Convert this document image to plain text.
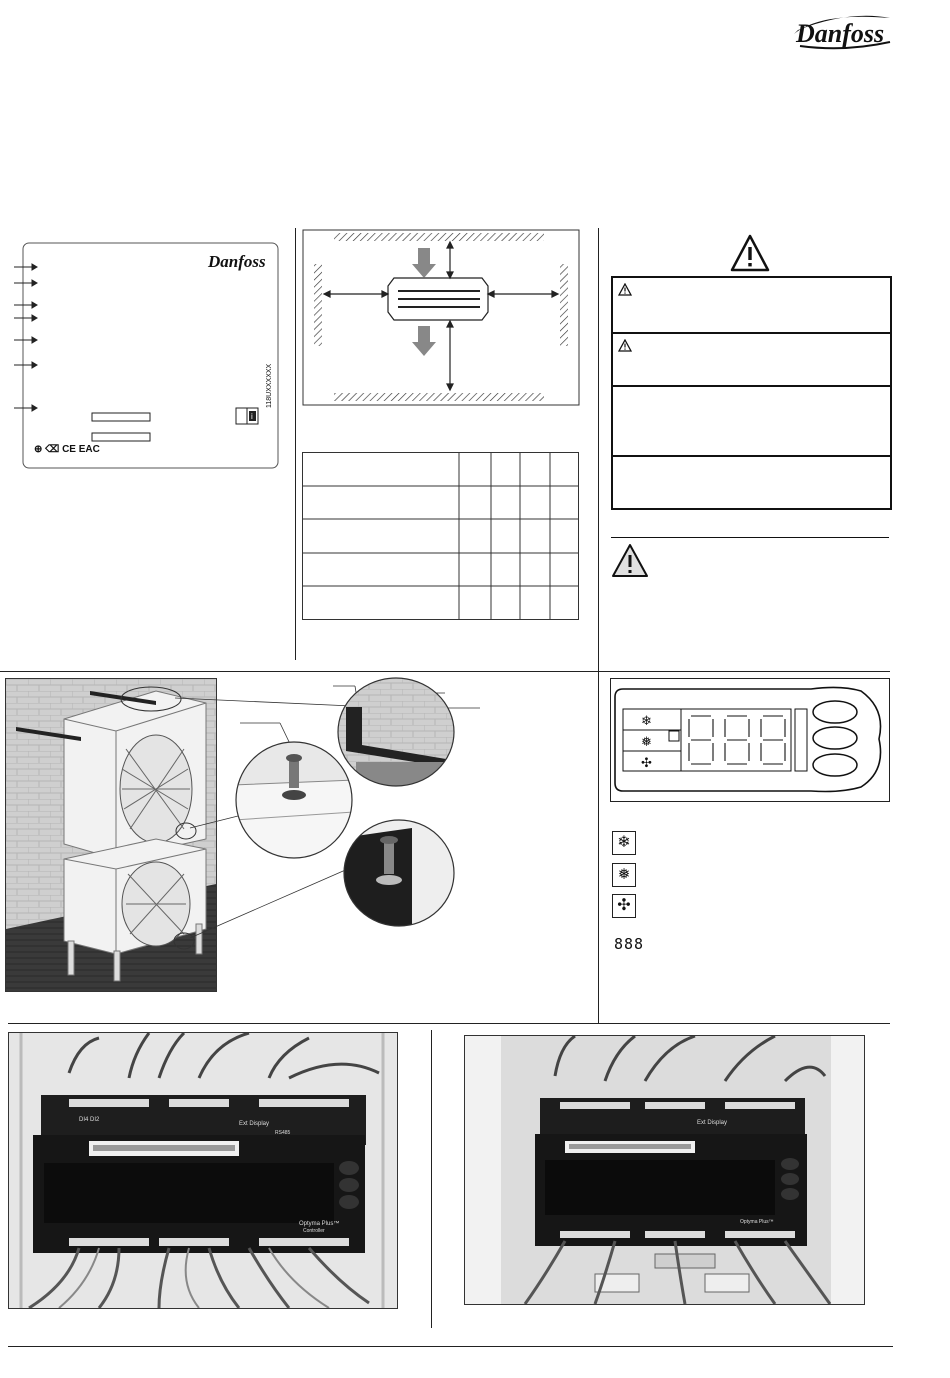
Danfoss
Danfoss
i
118UXXXXXX
⊕ ⌫ CE EAC
❄
❅
✣
❄
❅
✣
888
DI4 DI2
Ext Display
RS485
Optyma Plus™
Controller
Ext Display
Optyma Plus™
